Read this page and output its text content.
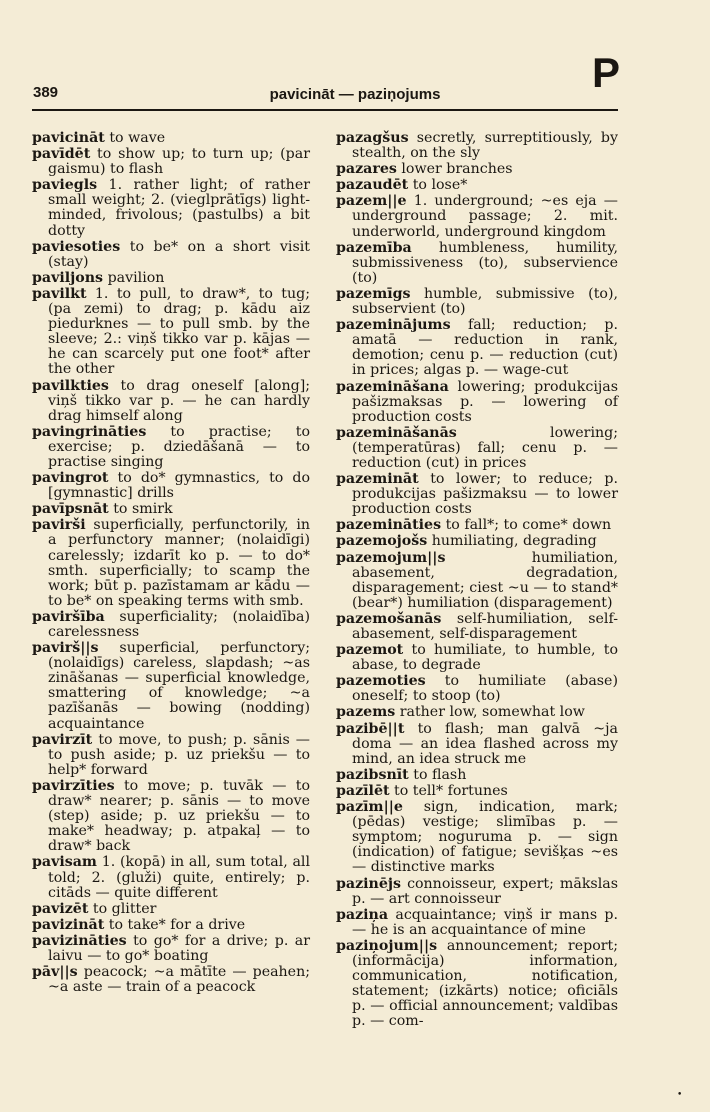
389	pavicināt — paziņojums	P
pavicināt to wave
pavīdēt to show up; to turn up; (par gaismu) to flash
paviegls 1. rather light; of rather small weight; 2. (vieglprātīgs) light-minded, frivolous; (pastulbs) a bit dotty
paviesoties to be* on a short visit (stay)
paviljons pavilion
pavilkt 1. to pull, to draw*, to tug; (pa zemi) to drag; p. kādu aiz piedurknes — to pull smb. by the sleeve; 2.: viņš tikko var p. kājas — he can scarcely put one foot* after the other
pavilkties to drag oneself [along]; viņš tikko var p. — he can hardly drag himself along
pavingrināties to practise; to exercise; p. dziedāšanā — to practise singing
pavingrot to do* gymnastics, to do [gymnastic] drills
pavīpsnāt to smirk
pavirši superficially, perfunctorily, in a perfunctory manner; (nolaidīgi) carelessly; izdarīt ko p. — to do* smth. superficially; to scamp the work; būt p. pazīstamam ar kādu — to be* on speaking terms with smb.
paviršība superficiality; (nolaidība) carelessness
pavirš||s superficial, perfunctory; (nolaidīgs) careless, slapdash; ~as zināšanas — superficial knowledge, smattering of knowledge; ~a pazīšanās — bowing (nodding) acquaintance
pavirzīt to move, to push; p. sānis — to push aside; p. uz priekšu — to help* forward
pavirzīties to move; p. tuvāk — to draw* nearer; p. sānis — to move (step) aside; p. uz priekšu — to make* headway; p. atpakaļ — to draw* back
pavisam 1. (kopā) in all, sum total, all told; 2. (gluži) quite, entirely; p. citāds — quite different
pavizēt to glitter
pavizināt to take* for a drive
pavizināties to go* for a drive; p. ar laivu — to go* boating
pāv||s peacock; ~a mātīte — peahen; ~a aste — train of a peacock
pazagšus secretly, surreptitiously, by stealth, on the sly
pazares lower branches
pazaudēt to lose*
pazem||e 1. underground; ~es eja — underground passage; 2. mit. underworld, underground kingdom
pazemība humbleness, humility, submissiveness (to), subservience (to)
pazemīgs humble, submissive (to), subservient (to)
pazeminājums fall; reduction; p. amatā — reduction in rank, demotion; cenu p. — reduction (cut) in prices; algas p. — wage-cut
pazemināšana lowering; produkcijas pašizmaksas p. — lowering of production costs
pazemināšanās	lowering; (temperatūras) fall; cenu p. — reduction (cut) in prices
pazemināt to lower; to reduce; p. produkcijas pašizmaksu — to lower production costs
pazemināties to fall*; to come* down
pazemojošs humiliating, degrading
pazemojum||s	humiliation, abasement, degradation, disparagement; ciest ~u — to stand* (bear*) humiliation (disparagement)
pazemošanās self-humiliation, self-abasement, self-disparagement
pazemot to humiliate, to humble, to abase, to degrade
pazemoties to humiliate (abase) oneself; to stoop (to)
pazems rather low, somewhat low
pazibē||t to flash; man galvā ~ja doma — an idea flashed across my mind, an idea struck me
pazibsnīt to flash
pazīlēt to tell* fortunes
pazīm||e sign, indication, mark; (pēdas) vestige; slimības p. — symptom; noguruma p. — sign (indication) of fatigue; sevišķas ~es — distinctive marks
pazinējs connoisseur, expert; mākslas p. — art connoisseur
paziņa acquaintance; viņš ir mans p. — he is an acquaintance of mine
paziņojum||s announcement; report; (informācija) information, communication, notification, statement; (izkārts) notice; oficiāls p. — official announcement; valdības p. — com-
•
